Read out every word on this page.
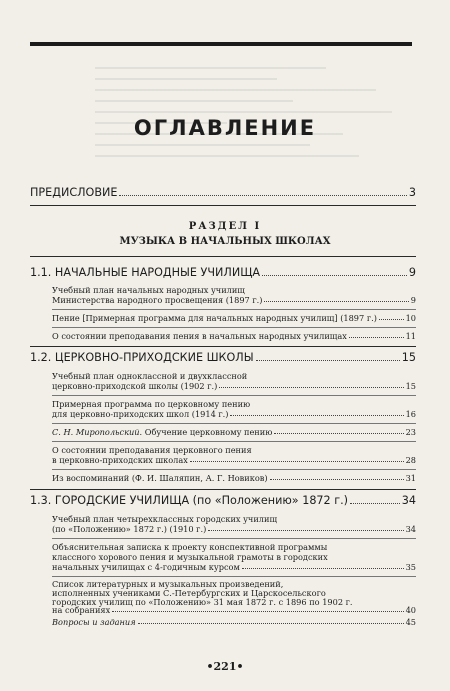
ОГЛАВЛЕНИЕ
ПРЕДИСЛОВИЕ	3
РАЗДЕЛ I
МУЗЫКА В НАЧАЛЬНЫХ ШКОЛАХ
1.1. НАЧАЛЬНЫЕ НАРОДНЫЕ УЧИЛИЩА	9
Учебный план начальных народных училищ
Министерства народного просвещения (1897 г.)	9
Пение [Примерная программа для начальных народных училищ] (1897 г.)	10
О состоянии преподавания пения в начальных народных училищах	11
1.2. ЦЕРКОВНО-ПРИХОДСКИЕ ШКОЛЫ	15
Учебный план одноклассной и двухклассной
церковно-приходской школы (1902 г.)	15
Примерная программа по церковному пению
для церковно-приходских школ (1914 г.)	16
С. Н. Миропольский. Обучение церковному пению	23
О состоянии преподавания церковного пения
в церковно-приходских школах	28
Из воспоминаний (Ф. И. Шаляпин, А. Г. Новиков)	31
1.3. ГОРОДСКИЕ УЧИЛИЩА (по «Положению» 1872 г.)	34
Учебный план четырехклассных городских училищ
(по «Положению» 1872 г.) (1910 г.)	34
Объяснительная записка к проекту конспективной программы
классного хорового пения и музыкальной грамоты в городских
начальных училищах с 4-годичным курсом	35
Список литературных и музыкальных произведений,
исполненных учениками С.-Петербургских и Царскосельского
городских училищ по «Положению» 31 мая 1872 г. с 1896 по 1902 г.
на собраниях	40
Вопросы и задания	45
•221•
